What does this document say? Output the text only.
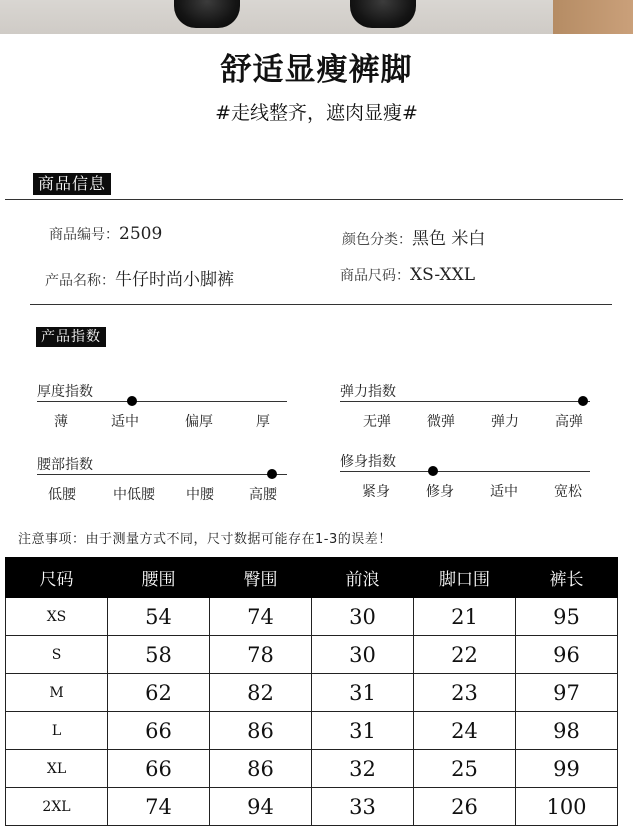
舒适显瘦裤脚
#走线整齐，遮肉显瘦#
商品信息
商品编号：2509	颜色分类：黑色 米白
产品名称：牛仔时尚小脚裤	商品尺码：XS-XXL
产品指数
厚度指数
薄	适中	偏厚	厚
弹力指数
无弹	微弹	弹力	高弹
腰部指数
低腰	中低腰 中腰	高腰
修身指数
紧身	修身	适中	宽松
注意事项：由于测量方式不同，尺寸数据可能存在1-3的误差！
尺码	腰围	臀围	前浪	脚口围	裤长
XS	54	74	30	21	95
S	58	78	30	22	96
M	62	82	31	23	97
L	66	86	31	24	98
XL	66	86	32	25	99
2XL	74	94	33	26	100
